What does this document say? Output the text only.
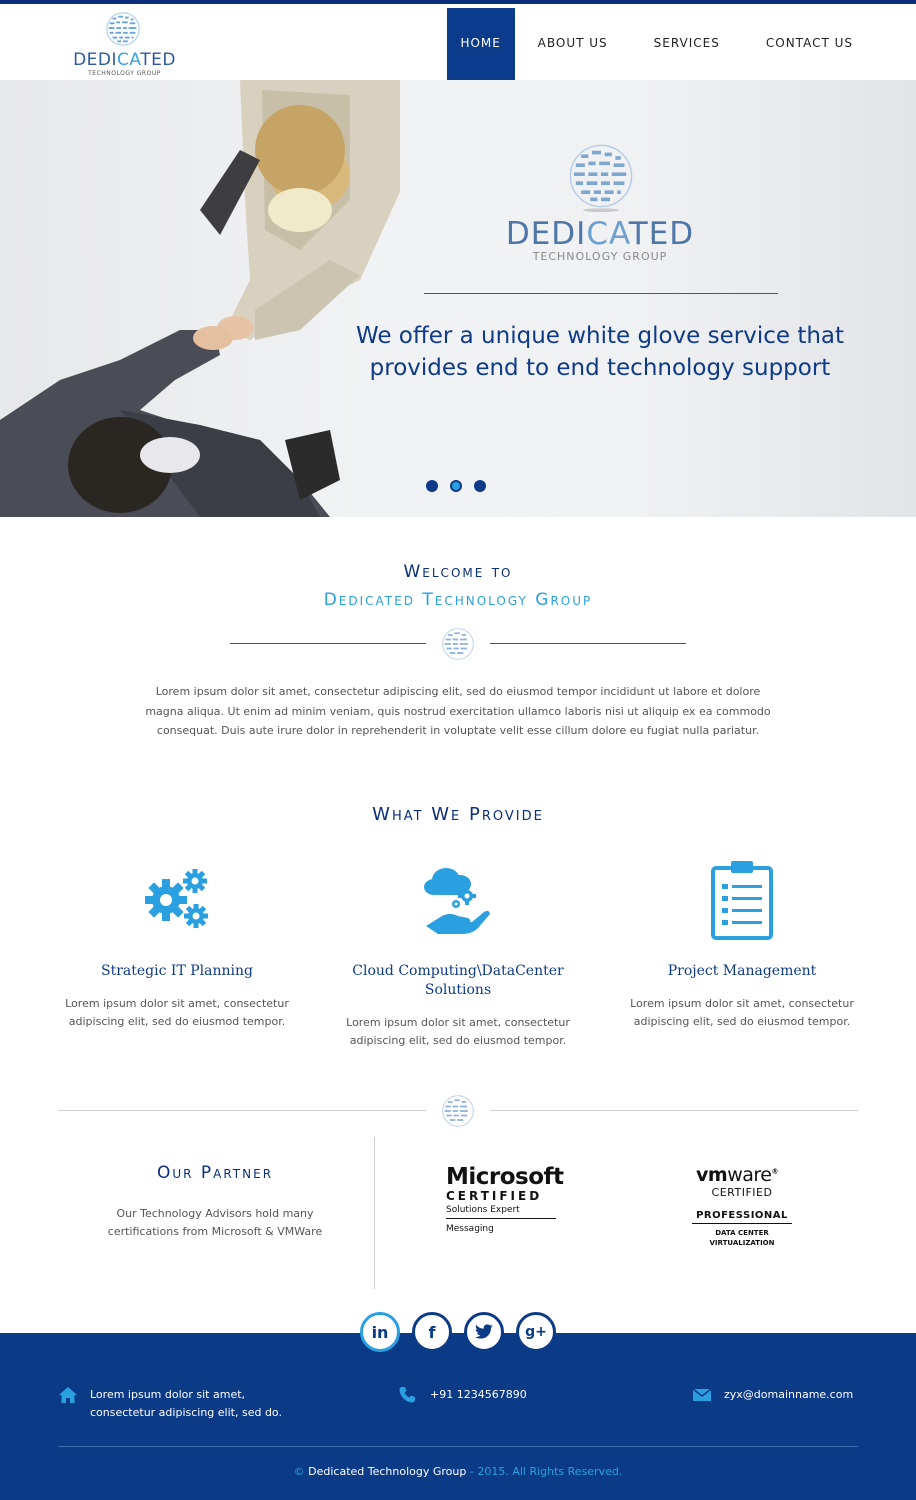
DEDICATED
TECHNOLOGY GROUP
HOME	ABOUT US	SERVICES	CONTACT US
DEDICATED
TECHNOLOGY GROUP
We offer a unique white glove service that provides end to end technology support
Welcome to
Dedicated Technology Group

Lorem ipsum dolor sit amet, consectetur adipiscing elit, sed do eiusmod tempor incididunt ut labore et dolore magna aliqua. Ut enim ad minim veniam, quis nostrud exercitation ullamco laboris nisi ut aliquip ex ea commodo consequat. Duis aute irure dolor in reprehenderit in voluptate velit esse cillum dolore eu fugiat nulla pariatur.

What We Provide
Strategic IT Planning
Lorem ipsum dolor sit amet, consectetur adipiscing elit, sed do eiusmod tempor.
Cloud Computing\DataCenter Solutions
Lorem ipsum dolor sit amet, consectetur adipiscing elit, sed do eiusmod tempor.
Project Management
Lorem ipsum dolor sit amet, consectetur adipiscing elit, sed do eiusmod tempor.
Our Partner

Our Technology Advisors hold many certifications from Microsoft & VMWare

Microsoft
CERTIFIED
Solutions Expert
Messaging
vmware®
CERTIFIED
PROFESSIONAL
DATA CENTER
VIRTUALIZATION
in	f	g+
Lorem ipsum dolor sit amet,
consectetur adipiscing elit, sed do.
+91 1234567890	zyx@domainname.com
© Dedicated Technology Group - 2015. All Rights Reserved.
